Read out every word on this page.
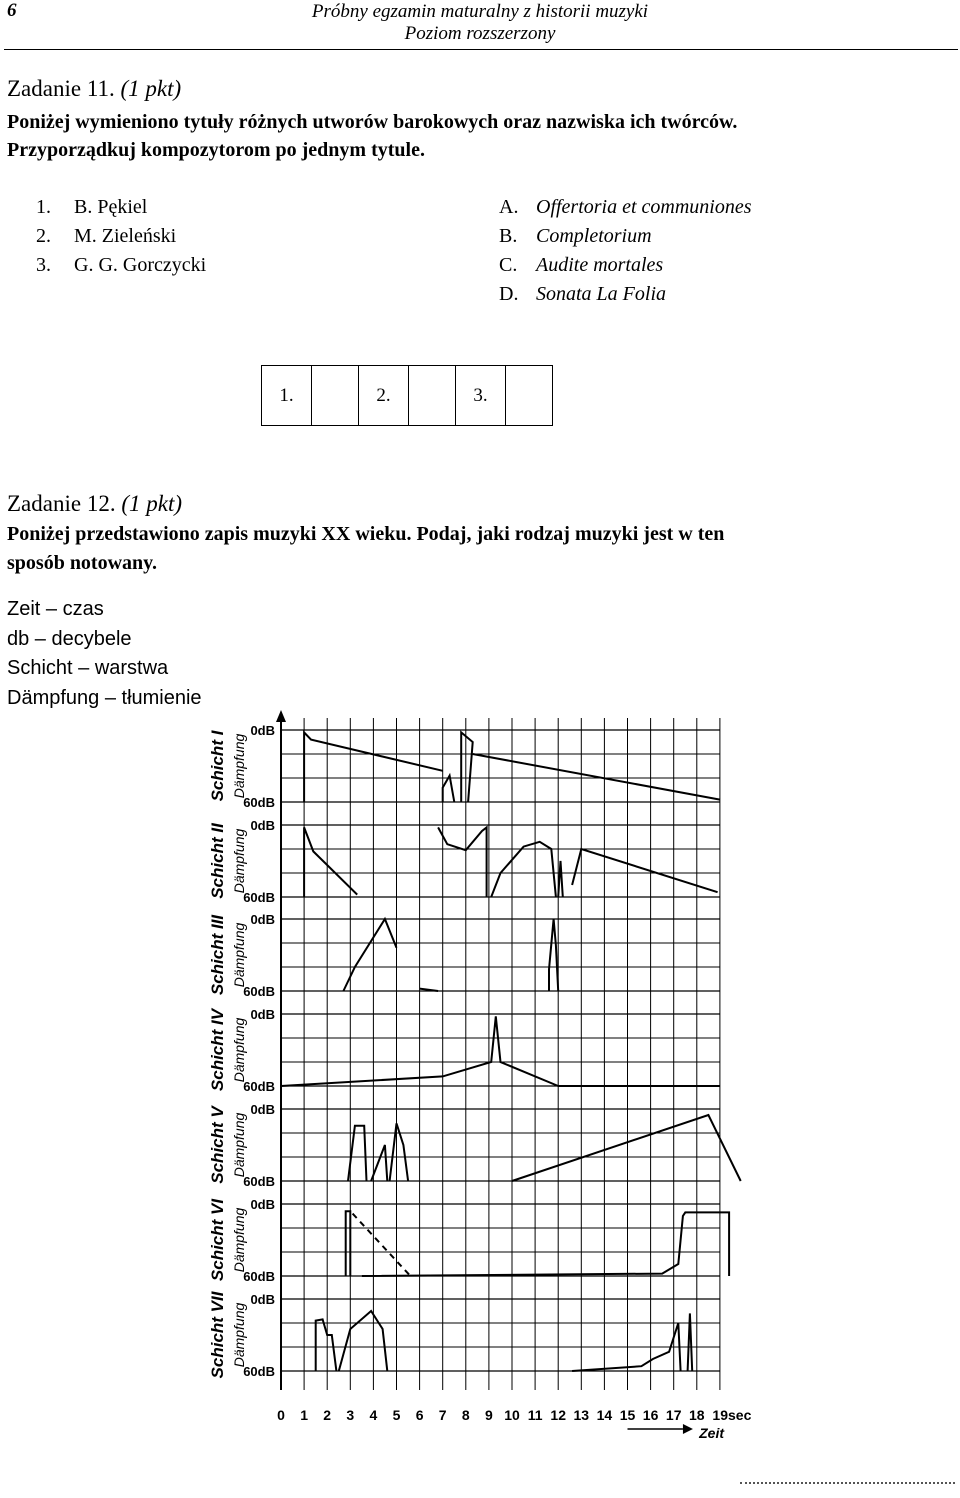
6	Próbny egzamin maturalny z historii muzyki
Poziom rozszerzony
Zadanie 11. (1 pkt)
Poniżej wymieniono tytuły różnych utworów barokowych oraz nazwiska ich twórców.
Przyporządkuj kompozytorom po jednym tytule.
1. B. Pękiel
2. M. Zieleński
3. G. G. Gorczycki
A. Offertoria et communiones
B. Completorium
C. Audite mortales
D. Sonata La Folia
1.		2.		3.	
Zadanie 12. (1 pkt)
Poniżej przedstawiono zapis muzyki XX wieku. Podaj, jaki rodzaj muzyki jest w ten
sposób notowany.
Zeit – czas
db – decybele
Schicht – warstwa
Dämpfung – tłumienie
0dB
60dB
Schicht I Dämpfung
0dB
60dB
Schicht II Dämpfung
0dB
60dB
Schicht III Dämpfung
0dB
60dB
Schicht IV Dämpfung
0dB
60dB
Schicht V Dämpfung
0dB
60dB
Schicht VI Dämpfung
0dB
60dB
Schicht VII Dämpfung
0 1 2 3 4 5 6 7 8 9 10 11 12 13 14 15 16 17 18 19sec
Zeit
